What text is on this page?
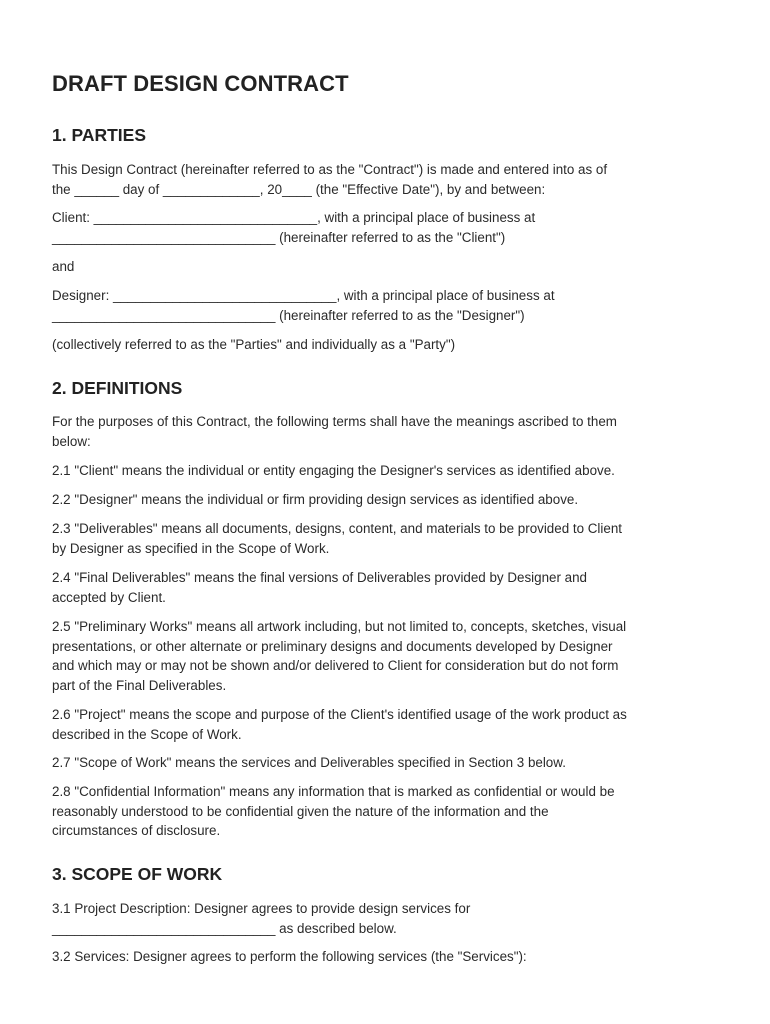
DRAFT DESIGN CONTRACT
1. PARTIES

This Design Contract (hereinafter referred to as the "Contract") is made and entered into as of
the ______ day of _____________, 20____ (the "Effective Date"), by and between:

Client: ______________________________, with a principal place of business at
______________________________ (hereinafter referred to as the "Client")

and

Designer: ______________________________, with a principal place of business at
______________________________ (hereinafter referred to as the "Designer")

(collectively referred to as the "Parties" and individually as a "Party")

2. DEFINITIONS

For the purposes of this Contract, the following terms shall have the meanings ascribed to them
below:

2.1 "Client" means the individual or entity engaging the Designer's services as identified above.

2.2 "Designer" means the individual or firm providing design services as identified above.

2.3 "Deliverables" means all documents, designs, content, and materials to be provided to Client
by Designer as specified in the Scope of Work.

2.4 "Final Deliverables" means the final versions of Deliverables provided by Designer and
accepted by Client.

2.5 "Preliminary Works" means all artwork including, but not limited to, concepts, sketches, visual
presentations, or other alternate or preliminary designs and documents developed by Designer
and which may or may not be shown and/or delivered to Client for consideration but do not form
part of the Final Deliverables.

2.6 "Project" means the scope and purpose of the Client's identified usage of the work product as
described in the Scope of Work.

2.7 "Scope of Work" means the services and Deliverables specified in Section 3 below.

2.8 "Confidential Information" means any information that is marked as confidential or would be
reasonably understood to be confidential given the nature of the information and the
circumstances of disclosure.

3. SCOPE OF WORK

3.1 Project Description: Designer agrees to provide design services for
______________________________ as described below.

3.2 Services: Designer agrees to perform the following services (the "Services"):
